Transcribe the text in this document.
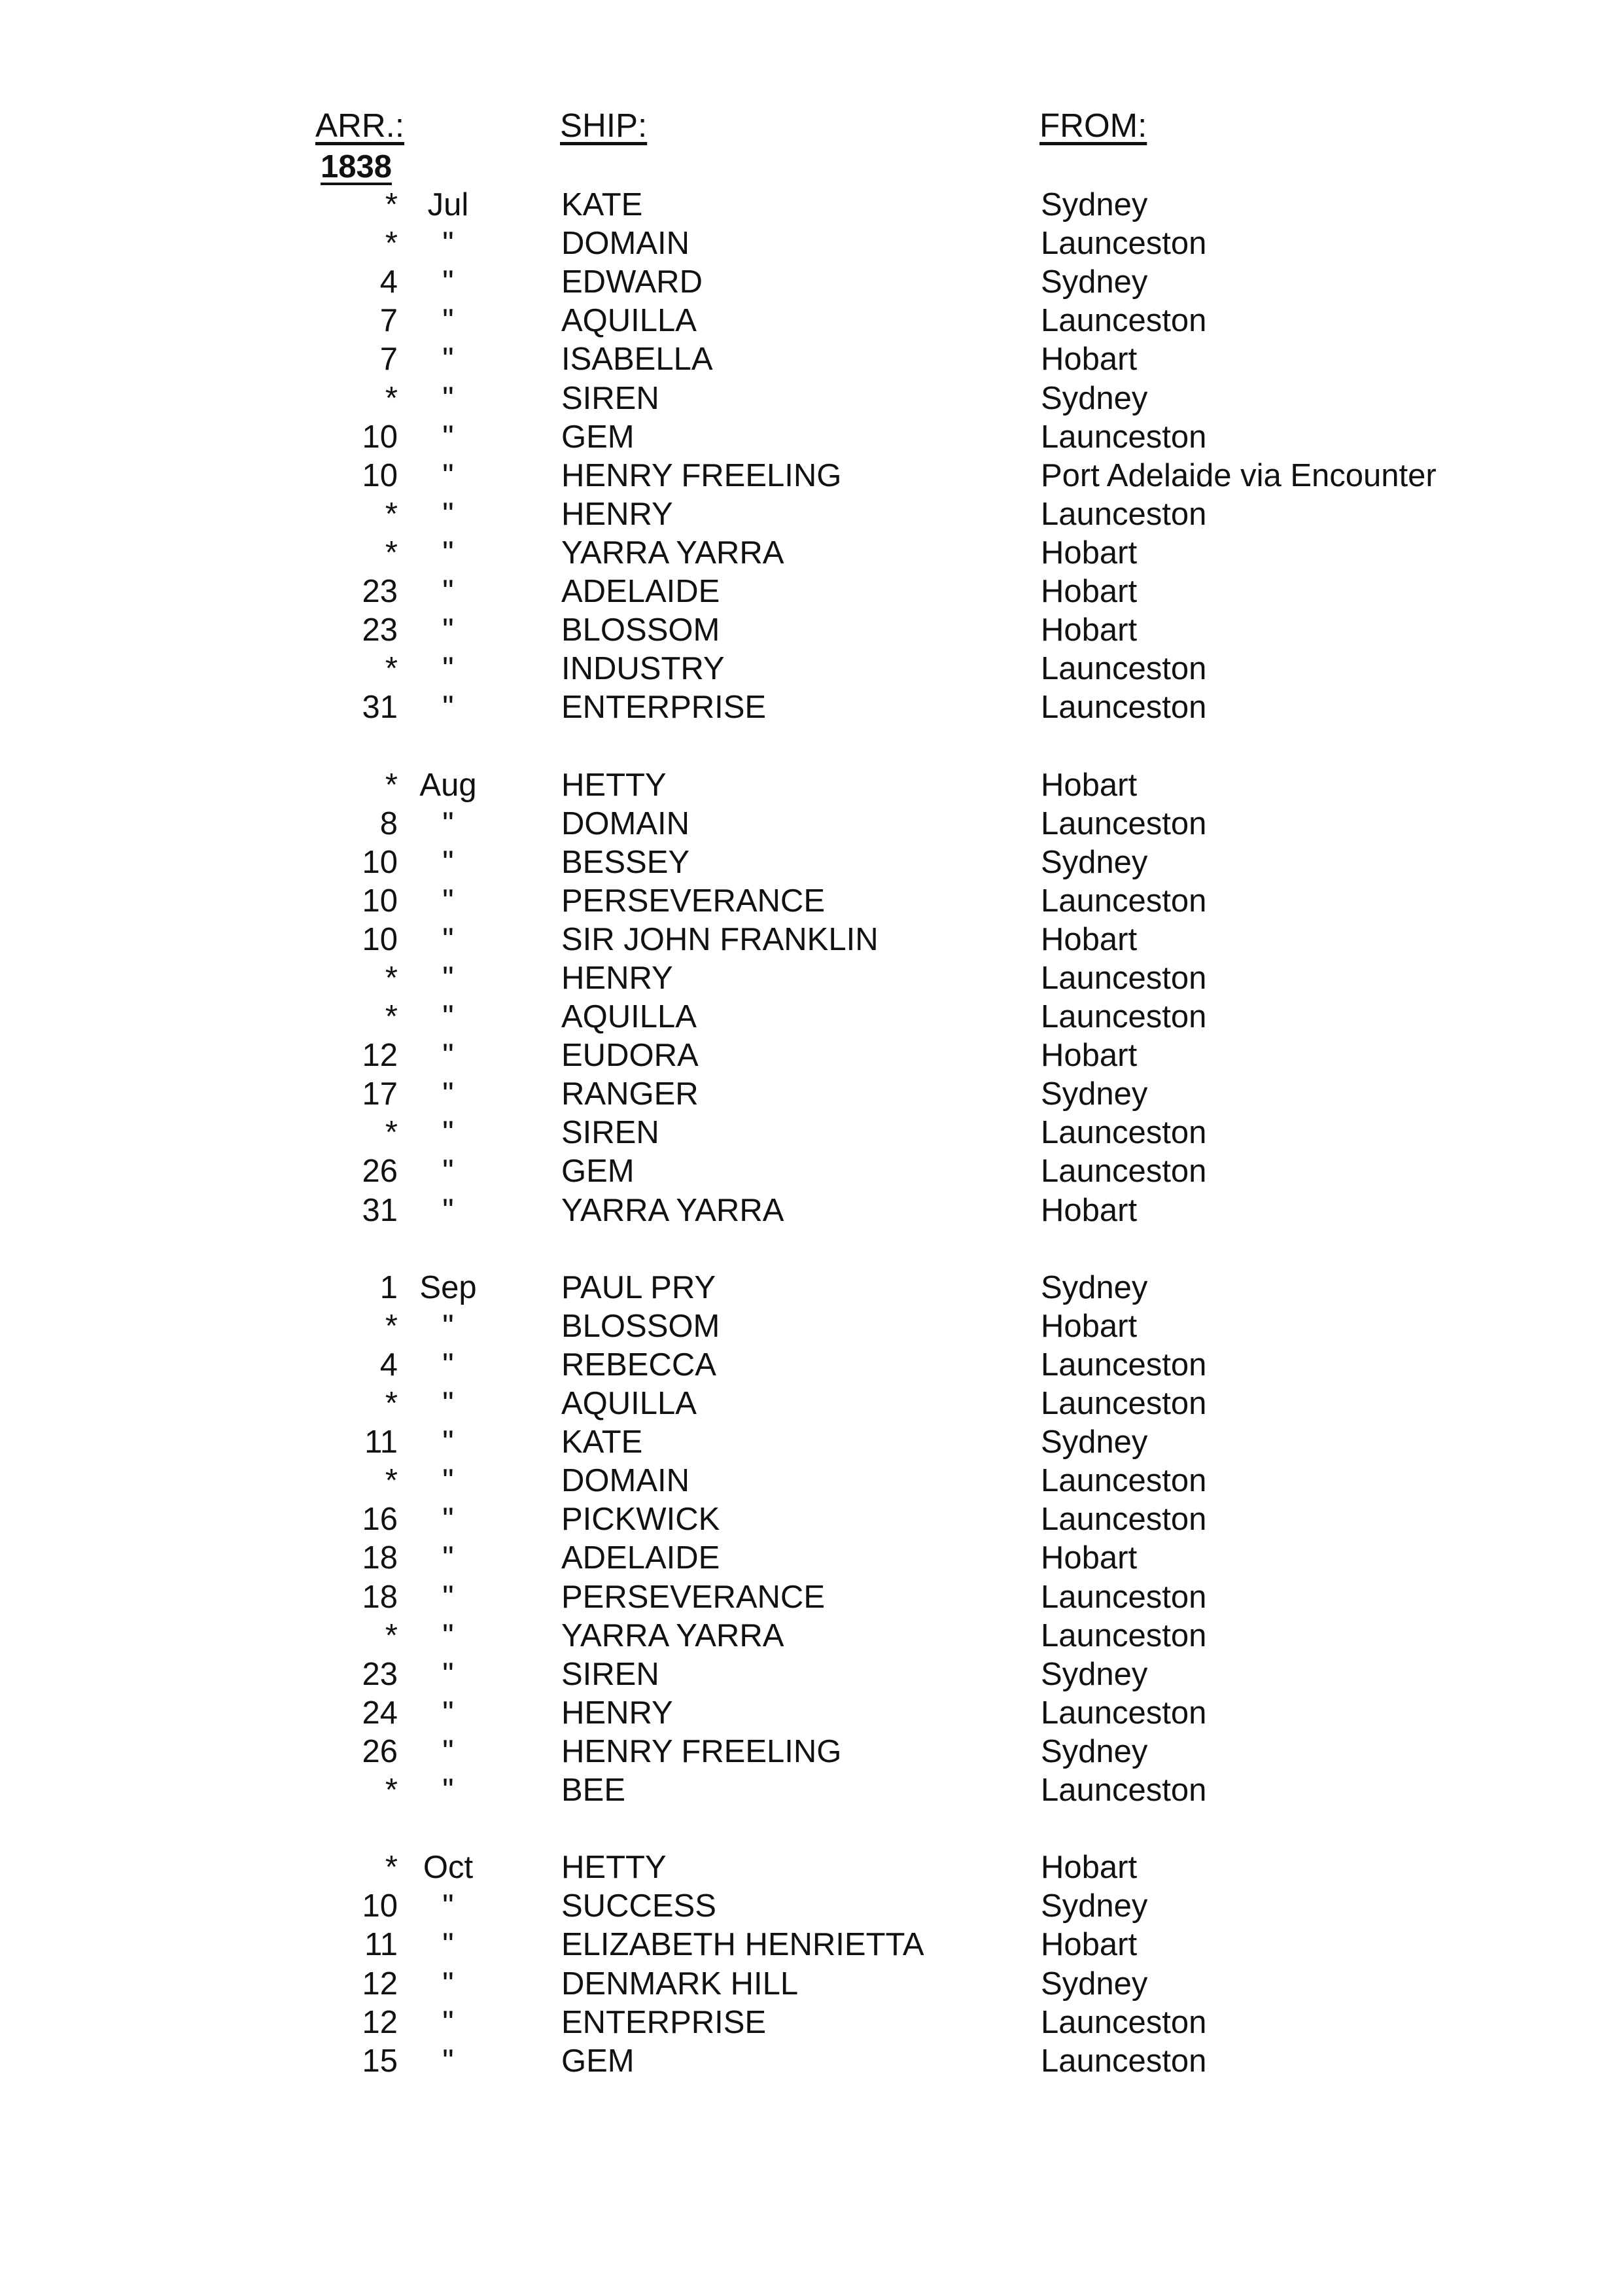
ARR.:	SHIP:	FROM:
1838
* Jul	KATE	Sydney
*	"	DOMAIN	Launceston
4	"	EDWARD	Sydney
7	"	AQUILLA	Launceston
7	"	ISABELLA	Hobart
*	"	SIREN	Sydney
10	"	GEM	Launceston
10	"	HENRY FREELING	Port Adelaide via Encounter
*	"	HENRY	Launceston
*	"	YARRA YARRA	Hobart
23	"	ADELAIDE	Hobart
23	"	BLOSSOM	Hobart
*	"	INDUSTRY	Launceston
31	"	ENTERPRISE	Launceston
* Aug	HETTY	Hobart
8	"	DOMAIN	Launceston
10	"	BESSEY	Sydney
10	"	PERSEVERANCE	Launceston
10	"	SIR JOHN FRANKLIN	Hobart
*	"	HENRY	Launceston
*	"	AQUILLA	Launceston
12	"	EUDORA	Hobart
17	"	RANGER	Sydney
*	"	SIREN	Launceston
26	"	GEM	Launceston
31	"	YARRA YARRA	Hobart
1 Sep	PAUL PRY	Sydney
*	"	BLOSSOM	Hobart
4	"	REBECCA	Launceston
*	"	AQUILLA	Launceston
11	"	KATE	Sydney
*	"	DOMAIN	Launceston
16	"	PICKWICK	Launceston
18	"	ADELAIDE	Hobart
18	"	PERSEVERANCE	Launceston
*	"	YARRA YARRA	Launceston
23	"	SIREN	Sydney
24	"	HENRY	Launceston
26	"	HENRY FREELING	Sydney
*	"	BEE	Launceston
* Oct	HETTY	Hobart
10	"	SUCCESS	Sydney
11	"	ELIZABETH HENRIETTA	Hobart
12	"	DENMARK HILL	Sydney
12	"	ENTERPRISE	Launceston
15	"	GEM	Launceston
